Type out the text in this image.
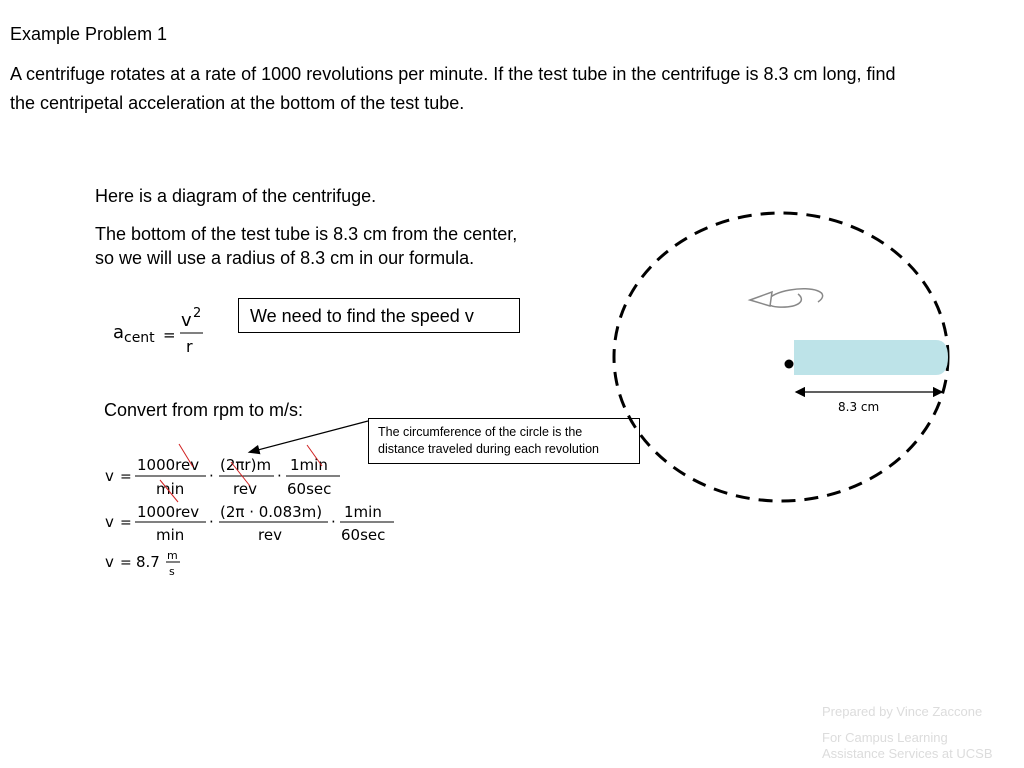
Example Problem 1
A centrifuge rotates at a rate of 1000 revolutions per minute. If the test tube in the centrifuge is 8.3 cm long, find
the centripetal acceleration at the bottom of the test tube.
Here is a diagram of the centrifuge.
The bottom of the test tube is 8.3 cm from the center,
so we will use a radius of 8.3 cm in our formula.
a cent =
v 2
r
We need to find the speed v
Convert from rpm to m/s:
The circumference of the circle is the
distance traveled during each revolution
v =
1000rev
min
·
(2πr)m
rev
·
1min
60sec
v =
1000rev
min
·
(2π · 0.083m)
rev
·
1min
60sec
v = 8.7 m
s
8.3 cm
Prepared by Vince Zaccone
For Campus Learning
Assistance Services at UCSB
